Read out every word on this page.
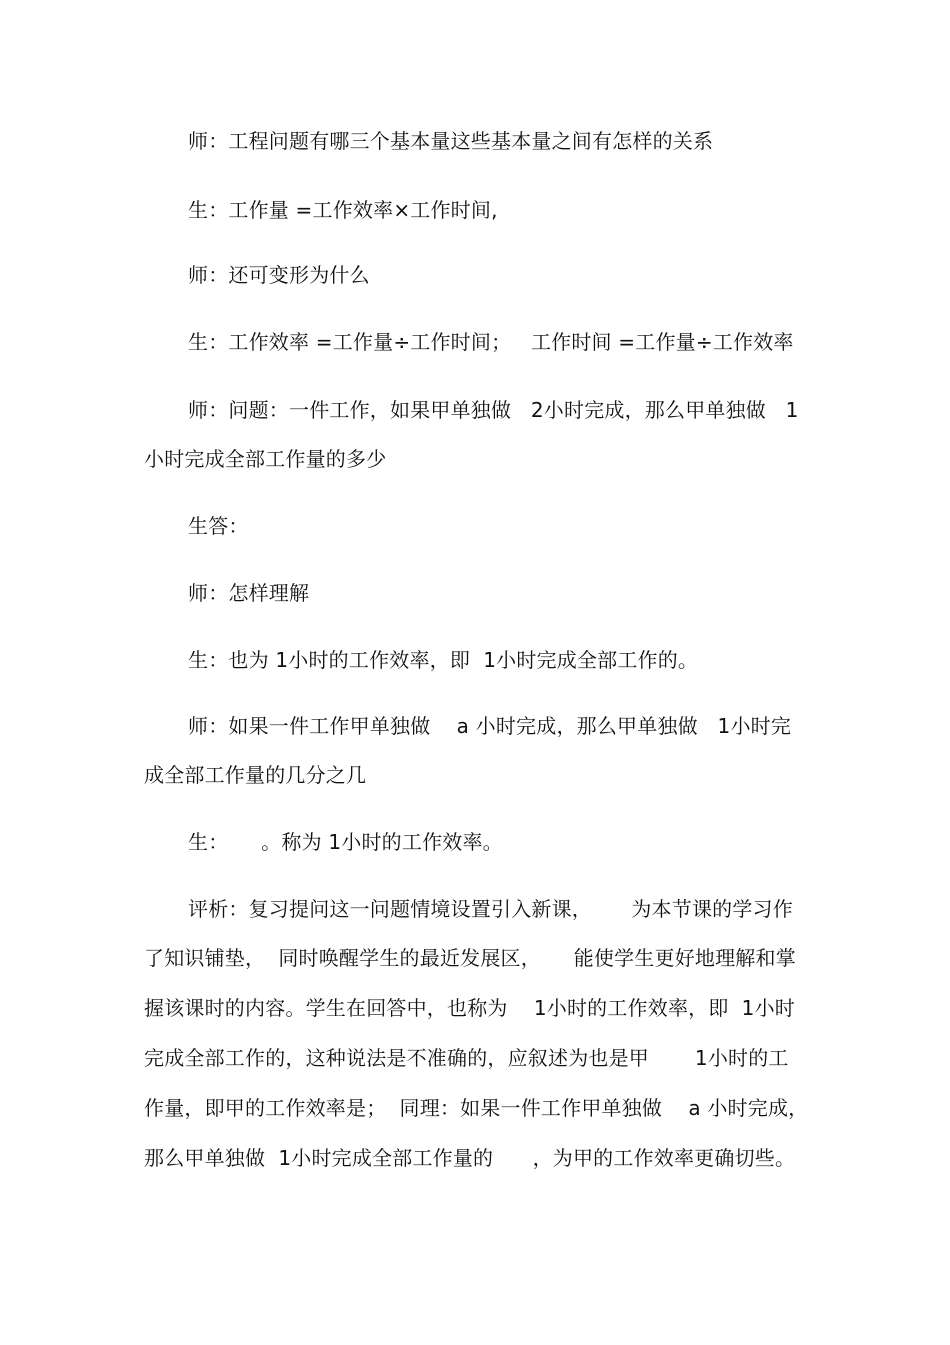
师：工程问题有哪三个基本量这些基本量之间有怎样的关系
生：工作量 =工作效率×工作时间,
师：还可变形为什么
生：工作效率 =工作量÷工作时间；   工作时间 =工作量÷工作效率
师：问题：一件工作，如果甲单独做   2小时完成，那么甲单独做   1
小时完成全部工作量的多少
生答：
师：怎样理解
生：也为 1小时的工作效率，即  1小时完成全部工作的。
师：如果一件工作甲单独做    a 小时完成，那么甲单独做   1小时完
成全部工作量的几分之几
生：     。称为 1小时的工作效率。
评析：复习提问这一问题情境设置引入新课，      为本节课的学习作
了知识铺垫，  同时唤醒学生的最近发展区，     能使学生更好地理解和掌
握该课时的内容。学生在回答中，也称为    1小时的工作效率，即  1小时
完成全部工作的，这种说法是不准确的，应叙述为也是甲       1小时的工
作量，即甲的工作效率是；  同理：如果一件工作甲单独做    a 小时完成，
那么甲单独做  1小时完成全部工作量的      ，为甲的工作效率更确切些。
